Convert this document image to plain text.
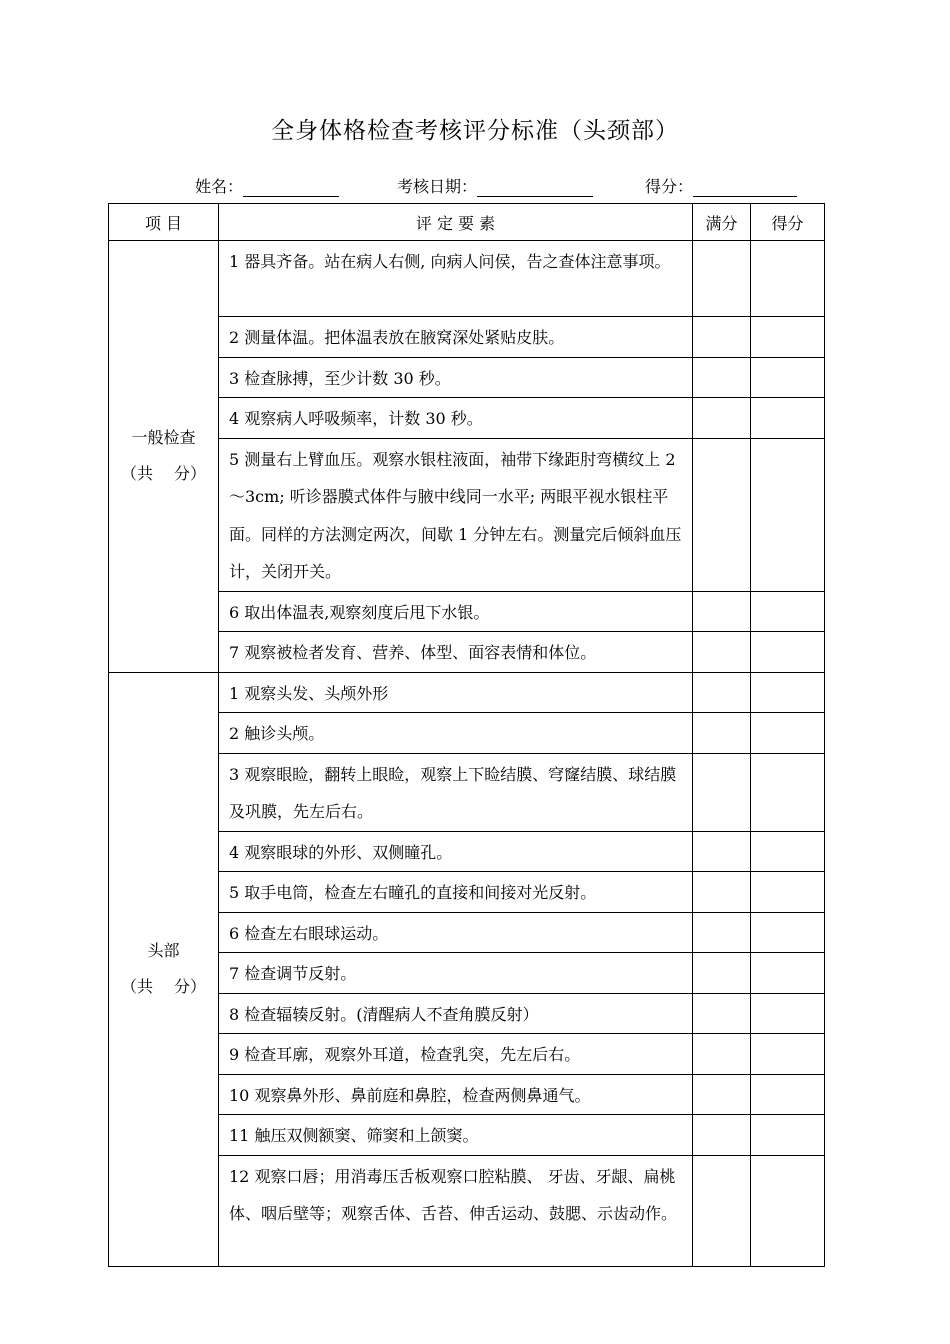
全身体格检查考核评分标准（头颈部）
姓名：	考核日期：	得分：
项 目	评 定 要 素	满分	得分

一般检查
（共　 分）	1 器具齐备。站在病人右侧, 向病人问侯，告之查体注意事项。		
	2 测量体温。把体温表放在腋窝深处紧贴皮肤。		
	3 检查脉搏，至少计数 30 秒。		
	4 观察病人呼吸频率，计数 30 秒。		
	5 测量右上臂血压。观察水银柱液面，袖带下缘距肘弯横纹上 2～3cm; 听诊器膜式体件与腋中线同一水平; 两眼平视水银柱平面。同样的方法测定两次，间歇 1 分钟左右。测量完后倾斜血压计，关闭开关。		
	6 取出体温表,观察刻度后甩下水银。		
	7 观察被检者发育、营养、体型、面容表情和体位。		

头部
（共　 分）	1 观察头发、头颅外形		
	2 触诊头颅。		
	3 观察眼睑，翻转上眼睑，观察上下睑结膜、穹窿结膜、球结膜及巩膜，先左后右。		
	4 观察眼球的外形、双侧瞳孔。		
	5 取手电筒，检查左右瞳孔的直接和间接对光反射。		
	6 检查左右眼球运动。		
	7 检查调节反射。		
	8 检查辐辏反射。(清醒病人不查角膜反射）		
	9 检查耳廓，观察外耳道，检查乳突，先左后右。		
	10 观察鼻外形、鼻前庭和鼻腔，检查两侧鼻通气。		
	11 触压双侧额窦、筛窦和上颌窦。		
	12 观察口唇；用消毒压舌板观察口腔粘膜、 牙齿、牙龈、扁桃体、咽后壁等；观察舌体、舌苔、伸舌运动、鼓腮、示齿动作。		
